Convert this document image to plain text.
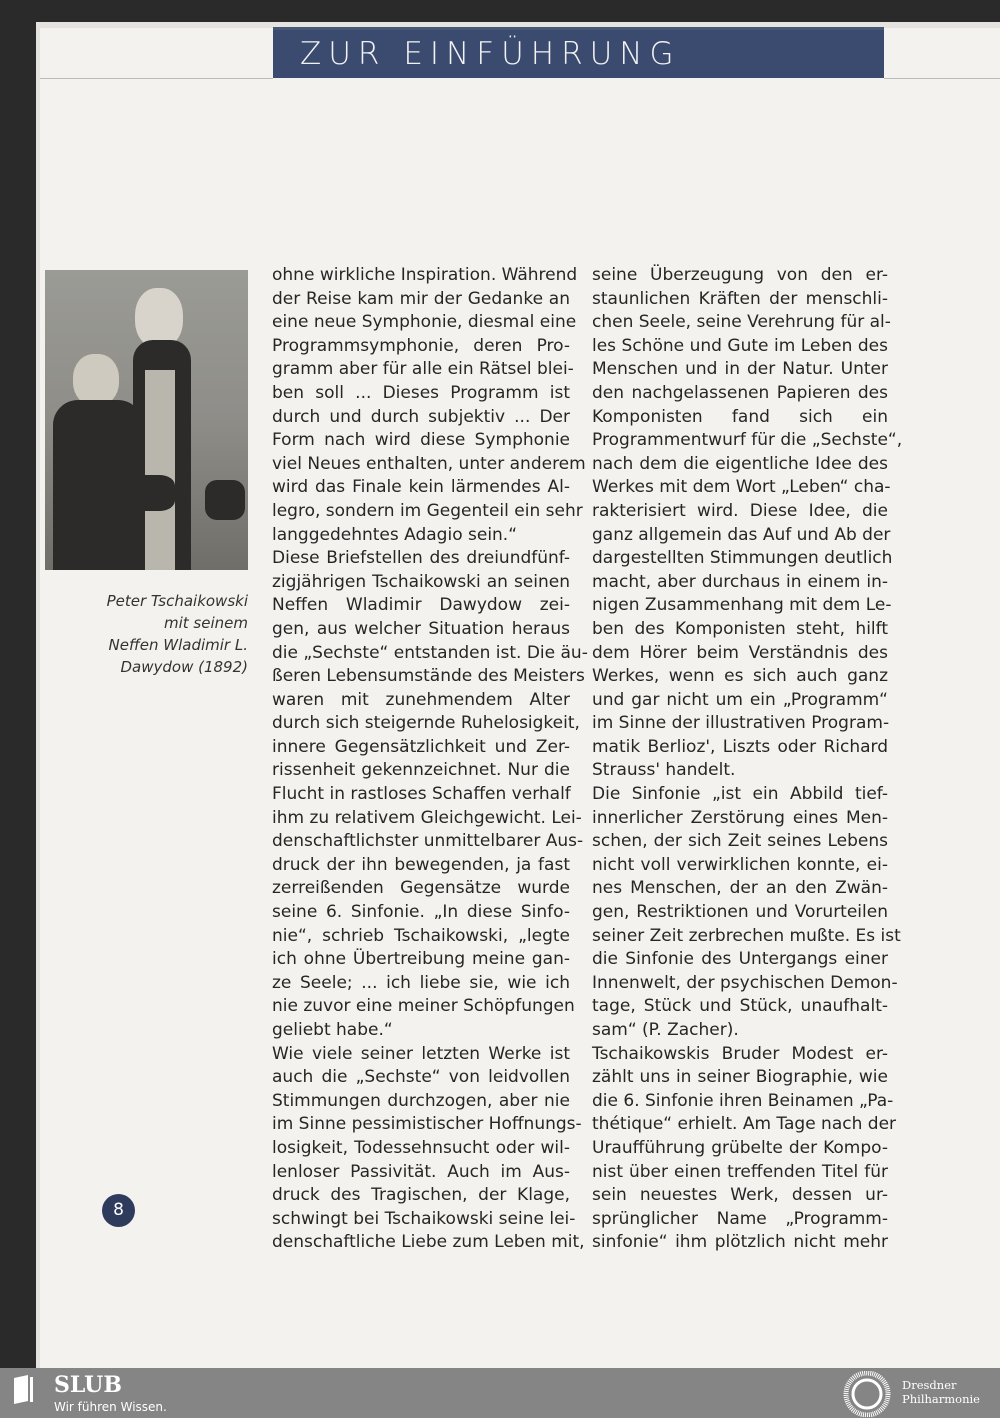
ZUR EINFÜHRUNG
Peter Tschaikowski
mit seinem
Neffen Wladimir L.
Dawydow (1892)
ohne wirkliche Inspiration. Während
der Reise kam mir der Gedanke an
eine neue Symphonie, diesmal eine
Programmsymphonie, deren Pro-
gramm aber für alle ein Rätsel blei-
ben soll ... Dieses Programm ist
durch und durch subjektiv ... Der
Form nach wird diese Symphonie
viel Neues enthalten, unter anderem
wird das Finale kein lärmendes Al-
legro, sondern im Gegenteil ein sehr
langgedehntes Adagio sein.“
Diese Briefstellen des dreiundfünf-
zigjährigen Tschaikowski an seinen
Neffen Wladimir Dawydow zei-
gen, aus welcher Situation heraus
die „Sechste“ entstanden ist. Die äu-
ßeren Lebensumstände des Meisters
waren mit zunehmendem Alter
durch sich steigernde Ruhelosigkeit,
innere Gegensätzlichkeit und Zer-
rissenheit gekennzeichnet. Nur die
Flucht in rastloses Schaffen verhalf
ihm zu relativem Gleichgewicht. Lei-
denschaftlichster unmittelbarer Aus-
druck der ihn bewegenden, ja fast
zerreißenden Gegensätze wurde
seine 6. Sinfonie. „In diese Sinfo-
nie“, schrieb Tschaikowski, „legte
ich ohne Übertreibung meine gan-
ze Seele; ... ich liebe sie, wie ich
nie zuvor eine meiner Schöpfungen
geliebt habe.“
Wie viele seiner letzten Werke ist
auch die „Sechste“ von leidvollen
Stimmungen durchzogen, aber nie
im Sinne pessimistischer Hoffnungs-
losigkeit, Todessehnsucht oder wil-
lenloser Passivität. Auch im Aus-
druck des Tragischen, der Klage,
schwingt bei Tschaikowski seine lei-
denschaftliche Liebe zum Leben mit,
seine Überzeugung von den er-
staunlichen Kräften der menschli-
chen Seele, seine Verehrung für al-
les Schöne und Gute im Leben des
Menschen und in der Natur. Unter
den nachgelassenen Papieren des
Komponisten fand sich ein
Programmentwurf für die „Sechste“,
nach dem die eigentliche Idee des
Werkes mit dem Wort „Leben“ cha-
rakterisiert wird. Diese Idee, die
ganz allgemein das Auf und Ab der
dargestellten Stimmungen deutlich
macht, aber durchaus in einem in-
nigen Zusammenhang mit dem Le-
ben des Komponisten steht, hilft
dem Hörer beim Verständnis des
Werkes, wenn es sich auch ganz
und gar nicht um ein „Programm“
im Sinne der illustrativen Program-
matik Berlioz', Liszts oder Richard
Strauss' handelt.
Die Sinfonie „ist ein Abbild tief-
innerlicher Zerstörung eines Men-
schen, der sich Zeit seines Lebens
nicht voll verwirklichen konnte, ei-
nes Menschen, der an den Zwän-
gen, Restriktionen und Vorurteilen
seiner Zeit zerbrechen mußte. Es ist
die Sinfonie des Untergangs einer
Innenwelt, der psychischen Demon-
tage, Stück und Stück, unaufhalt-
sam“ (P. Zacher).
Tschaikowskis Bruder Modest er-
zählt uns in seiner Biographie, wie
die 6. Sinfonie ihren Beinamen „Pa-
thétique“ erhielt. Am Tage nach der
Uraufführung grübelte der Kompo-
nist über einen treffenden Titel für
sein neuestes Werk, dessen ur-
sprünglicher Name „Programm-
sinfonie“ ihm plötzlich nicht mehr
8
SLUB
Wir führen Wissen.
Dresdner
Philharmonie
